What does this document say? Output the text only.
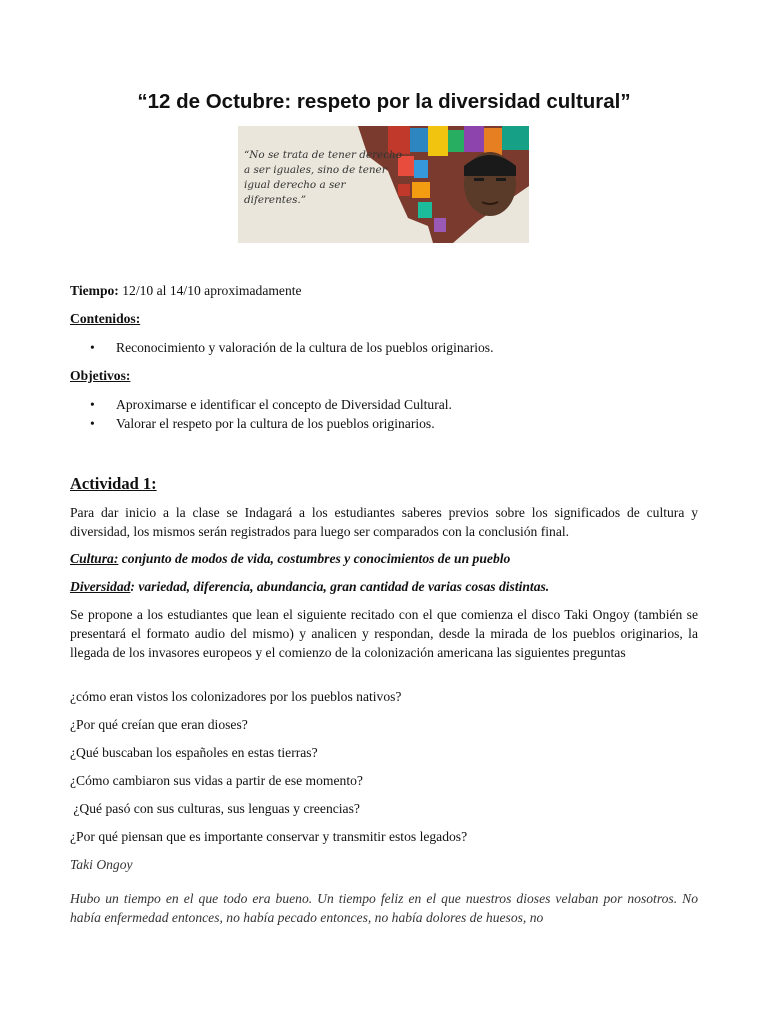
“12 de Octubre: respeto por la diversidad cultural”
“No se trata de tener derecho a ser iguales, sino de tener igual derecho a ser diferentes.”
Tiempo: 12/10 al 14/10 aproximadamente
Contenidos:
• Reconocimiento y valoración de la cultura de los pueblos originarios.
Objetivos:
• Aproximarse e identificar el concepto de Diversidad Cultural.
• Valorar el respeto por la cultura de los pueblos originarios.
Actividad 1:
Para dar inicio a la clase se Indagará a los estudiantes saberes previos sobre los significados de cultura y diversidad, los mismos serán registrados para luego ser comparados con la conclusión final.
Cultura: conjunto de modos de vida, costumbres y conocimientos de un pueblo
Diversidad: variedad, diferencia, abundancia, gran cantidad de varias cosas distintas.
Se propone a los estudiantes que lean el siguiente recitado con el que comienza el disco Taki Ongoy (también se presentará el formato audio del mismo) y analicen y respondan, desde la mirada de los pueblos originarios, la llegada de los invasores europeos y el comienzo de la colonización americana las siguientes preguntas
¿cómo eran vistos los colonizadores por los pueblos nativos?
¿Por qué creían que eran dioses?
¿Qué buscaban los españoles en estas tierras?
¿Cómo cambiaron sus vidas a partir de ese momento?
¿Qué pasó con sus culturas, sus lenguas y creencias?
¿Por qué piensan que es importante conservar y transmitir estos legados?
Taki Ongoy
Hubo un tiempo en el que todo era bueno. Un tiempo feliz en el que nuestros dioses velaban por nosotros. No había enfermedad entonces, no había pecado entonces, no había dolores de huesos, no
